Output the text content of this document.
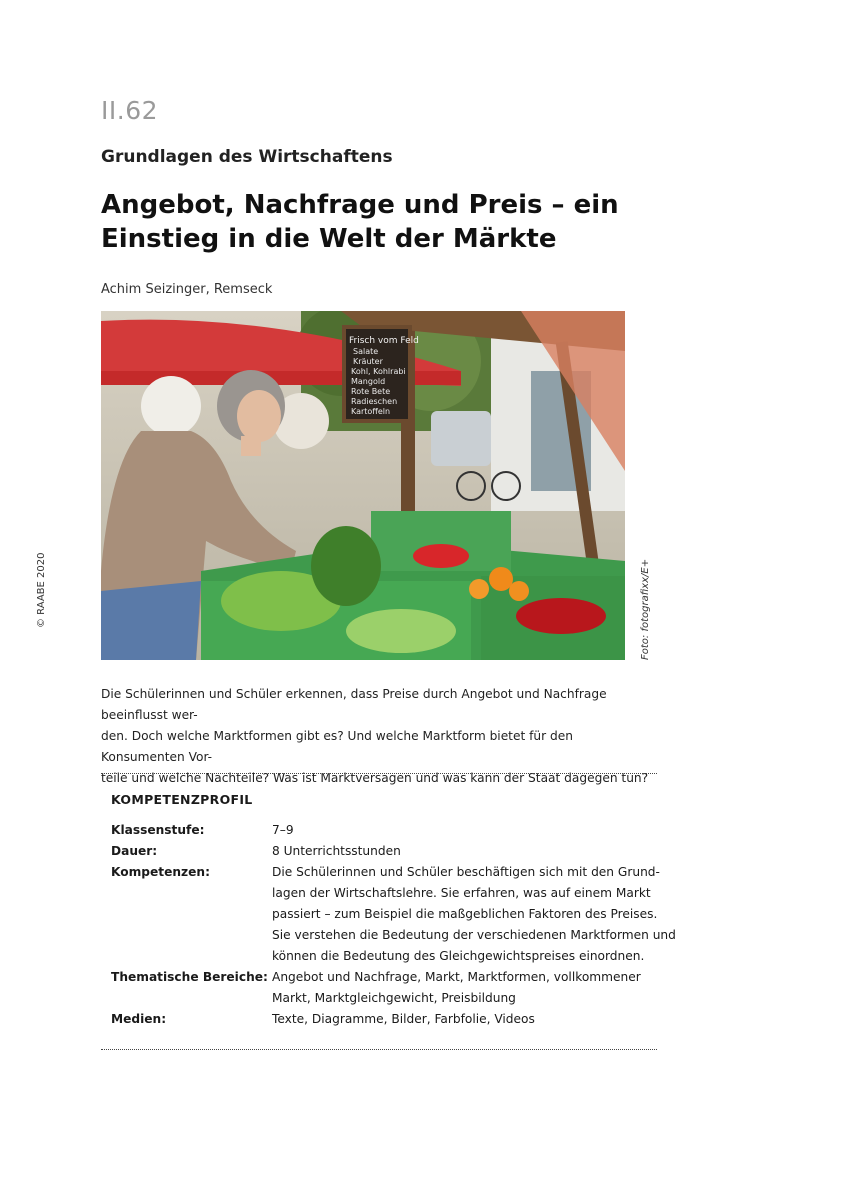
II.62
Grundlagen des Wirtschaftens
Angebot, Nachfrage und Preis – ein
Einstieg in die Welt der Märkte
Achim Seizinger, Remseck
© RAABE 2020	Foto: fotografixx/E+
Frisch vom Feld
Salate
Kräuter
Kohl, Kohlrabi
Mangold
Rote Bete
Radieschen
Kartoffeln
Die Schülerinnen und Schüler erkennen, dass Preise durch Angebot und Nachfrage beeinflusst wer-
den. Doch welche Marktformen gibt es? Und welche Marktform bietet für den Konsumenten Vor-
teile und welche Nachteile? Was ist Marktversagen und was kann der Staat dagegen tun?
KOMPETENZPROFIL
Klassenstufe:	7–9
Dauer:	8 Unterrichtsstunden
Kompetenzen:	Die Schülerinnen und Schüler beschäftigen sich mit den Grund-
lagen der Wirtschaftslehre. Sie erfahren, was auf einem Markt
passiert – zum Beispiel die maßgeblichen Faktoren des Preises.
Sie verstehen die Bedeutung der verschiedenen Marktformen und
können die Bedeutung des Gleichgewichtspreises einordnen.
Thematische Bereiche: Angebot und Nachfrage, Markt, Marktformen, vollkommener
Markt, Marktgleichgewicht, Preisbildung
Medien:	Texte, Diagramme, Bilder, Farbfolie, Videos
